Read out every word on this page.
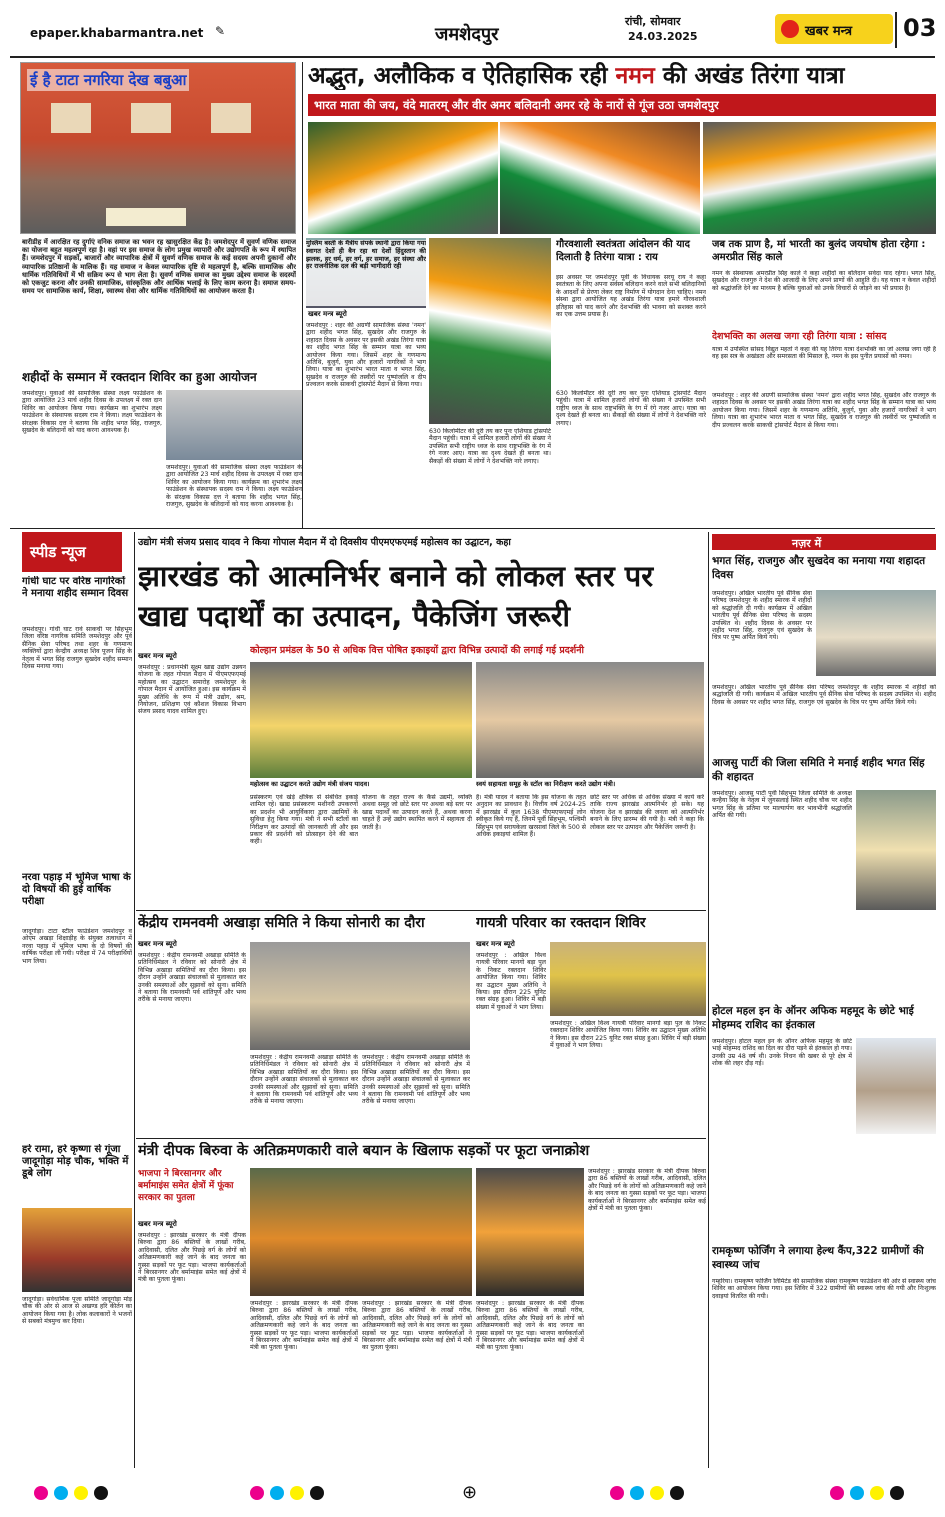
epaper.khabarmantra.net ✎	जमशेदपुर
रांची, सोमवार
24.03.2025	खबर मन्त्र 03
ई है टाटा नगरिया देख बबुआ
बारीडीह में आरक्षित रह दुर्गाएं वनिक समाज का भवन रह खासुरक्षित केंद्र है। जमशेदपुर में सुवर्ण वणिक समाज का योजना बहुत महत्वपूर्ण रहा है। वहां पर इस समाज के लोग प्रमुख व्यापारी और उद्योगपति के रूप में स्थापित हैं। जमशेदपुर में सड़कों, बाजारों और व्यापारिक क्षेत्रों में सुवर्ण वणिक समाज के कई सदस्य अपनी दुकानों और व्यापारिक प्रतिष्ठानों के मालिक हैं। यह समाज न केवल व्यापारिक दृष्टि से महत्वपूर्ण है, बल्कि सामाजिक और धार्मिक गतिविधियों में भी सक्रिय रूप से भाग लेता है। सुवर्ण वणिक समाज का मुख्य उद्देश्य समाज के सदस्यों को एकजुट करना और उनकी सामाजिक, सांस्कृतिक और आर्थिक भलाई के लिए काम करना है। समाज समय-समय पर सामाजिक कार्य, शिक्षा, स्वास्थ्य सेवा और धार्मिक गतिविधियों का आयोजन करता है।
अद्भुत, अलौकिक व ऐतिहासिक रही नमन की अखंड तिरंगा यात्रा
भारत माता की जय, वंदे मातरम् और वीर अमर बलिदानी अमर रहे के नारों से गूंज उठा जमशेदपुर
मुस्लिम बस्ती के मैत्रीय संपर्क स्थानी द्वारा किया गया स्वागत देशों ही बैन रहा था देशों हिंदुस्तान की झलक, हर धर्म, हर वर्ग, हर समाज, हर संस्था और हर राजनीतिक दल की बड़ी भागीदारी रही
खबर मन्त्र ब्यूरो
जमशेदपुर : शहर की अग्रणी सामाजिक संस्था 'नमन' द्वारा शहीद भगत सिंह, सुखदेव और राजगुरु के शहादत दिवस के अवसर पर इसकी अखंड तिरंगा यात्रा का शहीद भगत सिंह के सम्मान यात्रा का भव्य आयोजन किया गया। जिसमें शहर के गणमान्य अतिथि, बुजुर्ग, युवा और हजारों नागरिकों ने भाग लिया। यात्रा का शुभारंभ भारत माता व भगत सिंह, सुखदेव व राजगुरु की तस्वीरों पर पुष्पांजलि व दीप प्रज्वलन करके साकची ट्रांसपोर्ट मैदान से किया गया।
630 किलोमीटर की दूरी तय कर पुनः एशियाड ट्रांसपोर्ट मैदान पहुंची। यात्रा में शामिल हजारों लोगों की संख्या ने उपस्थित सभी राष्ट्रीय ध्वज के साथ राष्ट्रभक्ति के रंग में रंगे नजर आए। यात्रा का दृश्य देखते ही बनता था। सैकड़ों की संख्या में लोगों ने देशभक्ति नारे लगाए।
गौरवशाली स्वतंत्रता आंदोलन की याद दिलाती है तिरंगा यात्रा : राय
इस अवसर पर जमशेदपुर पूर्वी के विधायक सरयू राय ने कहा स्वतंत्रता के लिए अपना सर्वस्व बलिदान करने वाले सभी बलिदानियों के आदर्शों से प्रेरणा लेकर राष्ट्र निर्माण में योगदान देना चाहिए। नमन संस्था द्वारा आयोजित यह अखंड तिरंगा यात्रा हमारे गौरवशाली इतिहास को याद करने और देशभक्ति की भावना को सशक्त करने का एक उत्तम प्रयास है।
630 किलोमीटर की दूरी तय कर पुनः एशियाड ट्रांसपोर्ट मैदान पहुंची। यात्रा में शामिल हजारों लोगों की संख्या ने उपस्थित सभी राष्ट्रीय ध्वज के साथ राष्ट्रभक्ति के रंग में रंगे नजर आए। यात्रा का दृश्य देखते ही बनता था। सैकड़ों की संख्या में लोगों ने देशभक्ति नारे लगाए।
जब तक प्राण है, मां भारती का बुलंद जयघोष होता रहेगा : अमरप्रीत सिंह काले
नमन के संस्थापक अमरप्रीत सिंह काले ने कहा शहीदों का बलिदान सर्वदा याद रहेगा। भगत सिंह, सुखदेव और राजगुरु ने देश की आजादी के लिए अपने प्राणों की आहुति दी। यह यात्रा न केवल शहीदों को श्रद्धांजलि देने का माध्यम है बल्कि युवाओं को उनके विचारों से जोड़ने का भी प्रयास है।
देशभक्ति का अलख जगा रही तिरंगा यात्रा : सांसद
यात्रा में उपस्थित सांसद विद्युत महतो ने कहा की यह तिरंगा यात्रा देशभक्ति का जो अलख जगा रही है वह इस सत्र के अखंडता और समरसता की मिसाल है, नमन के इस पुनीत प्रयासों को नमन।
जमशेदपुर : शहर की अग्रणी सामाजिक संस्था 'नमन' द्वारा शहीद भगत सिंह, सुखदेव और राजगुरु के शहादत दिवस के अवसर पर इसकी अखंड तिरंगा यात्रा का शहीद भगत सिंह के सम्मान यात्रा का भव्य आयोजन किया गया। जिसमें शहर के गणमान्य अतिथि, बुजुर्ग, युवा और हजारों नागरिकों ने भाग लिया। यात्रा का शुभारंभ भारत माता व भगत सिंह, सुखदेव व राजगुरु की तस्वीरों पर पुष्पांजलि व दीप प्रज्वलन करके साकची ट्रांसपोर्ट मैदान से किया गया।
शहीदों के सम्मान में रक्तदान शिविर का हुआ आयोजन
जमशेदपुर। युवाओं की सामाजिक संस्था लक्ष्य फाउंडेशन के द्वारा आयोजित 23 मार्च शहीद दिवस के उपलक्ष्य में रक्त दान शिविर का आयोजन किया गया। कार्यक्रम का शुभारंभ लक्ष्य फाउंडेशन के संस्थापक सदस्य राम ने किया। लक्ष्य फाउंडेशन के संरक्षक विकास दत्त ने बताया कि शहीद भगत सिंह, राजगुरु, सुखदेव के बलिदानों को याद करना आवश्यक है।
जमशेदपुर। युवाओं की सामाजिक संस्था लक्ष्य फाउंडेशन के द्वारा आयोजित 23 मार्च शहीद दिवस के उपलक्ष्य में रक्त दान शिविर का आयोजन किया गया। कार्यक्रम का शुभारंभ लक्ष्य फाउंडेशन के संस्थापक सदस्य राम ने किया। लक्ष्य फाउंडेशन के संरक्षक विकास दत्त ने बताया कि शहीद भगत सिंह, राजगुरु, सुखदेव के बलिदानों को याद करना आवश्यक है।
स्पीड न्यूज
गांधी घाट पर वरिष्ठ नागरिकों ने मनाया शहीद सम्मान दिवस
जमशेदपुर। गांधी घाट रावे साकची पर सिंहभूम जिला वरिष्ठ नागरिक समिति जमशेदपुर और पूर्व सैनिक सेवा परिषद तथा शहर के गणमान्य व्यक्तियों द्वारा केन्द्रीय अध्यक्ष शिव पूजन सिंह के नेतृत्व में भगत सिंह राजगुरु सुखदेव शहीद सम्मान दिवस मनाया गया।
नरवा पहाड़ में भूमिज भाषा के दो विषयों की हुई वार्षिक परीक्षा
जादूगोड़ा। टाटा स्टील फाउंडेशन जमशेदपुर व ओएम अखड़ा शिक्षाड़ीह के संयुक्त तत्वाधान में नरवा पहाड़ में भूमिज भाषा के दो विषयों की वार्षिक परीक्षा ली गयी। परीक्षा में 74 परीक्षार्थियों भाग लिया।
हरे रामा, हरे कृष्णा से गूंजा जादूगोड़ा मोड़ चौक, भक्ति में डूबे लोग
जादूगोड़ा। सर्वधार्मिक पूजा समिति जादूगोड़ा मोड़ चौक की ओर से आज से अखण्ड हरि कीर्तन का आयोजन किया गया है। लोक कलाकारों ने भजनों से सबको मंत्रमुग्ध कर दिया।
उद्योग मंत्री संजय प्रसाद यादव ने किया गोपाल मैदान में दो दिवसीय पीएमएफएमई महोत्सव का उद्घाटन, कहा
झारखंड को आत्मनिर्भर बनाने को लोकल स्तर पर खाद्य पदार्थों का उत्पादन, पैकेजिंग जरूरी
कोल्हान प्रमंडल के 50 से अधिक वित्त पोषित इकाइयों द्वारा विभिन्न उत्पादों की लगाई गई प्रदर्शनी
खबर मन्त्र ब्यूरो
जमशेदपुर : प्रधानमंत्री सूक्ष्म खाद्य उद्योग उन्नयन योजना के तहत गोपाल मैदान में पीएमएफएमई महोत्सव का उद्घाटन समारोह जमशेदपुर के गोपाल मैदान में आयोजित हुआ। इस कार्यक्रम में मुख्य अतिथि के रूप में मंत्री उद्योग, श्रम, नियोजन, प्रशिक्षण एवं कौशल विकास विभाग संजय प्रसाद यादव शामिल हुए।
महोत्सव का उद्घाटन करते उद्योग मंत्री संजय यादव।	स्वयं सहायता समूह के स्टॉल का निरीक्षण करते उद्योग मंत्री।
प्रसंस्करण एवं खेड़े क्षेत्रिक से संबंधित इकाई शामिल रहे। खाद्य प्रसंस्करण मशीनरी उपकरणों का प्रदर्शन भी आयुर्विकारा द्वारा उद्यमियों के सुविधा हेतु किया गया। मंत्री ने सभी स्टॉलों का निरीक्षण कर उत्पादों की जानकारी ली और इस प्रकार की प्रदर्शनी को प्रोत्साहन देने की बात कही।
योजना के तहत राज्य के कैसे उद्यमी, व्यक्ति अथवा समूह जो छोटे स्तर पर अथवा बड़े स्तर पर खाद्य पदार्थों का उत्पादन करते हैं, अथवा करना चाहते हैं उन्हें उद्योग स्थापित करने में सहायता दी जाती है।
है। मंत्री यादव ने बताया कि इस योजना के तहत अनुदान का प्रावधान है। वित्तीय वर्ष 2024-25 में झारखंड में कुल 1638 पीएमएफएमई लोन स्वीकृत किये गए हैं, जिनमें पूर्वी सिंहभूम, पश्चिमी सिंहभूम एवं सरायकेला खरसावां जिले के 500 से अधिक इकाइयां शामिल हैं।
छोटे स्तर पर अधिक से अधिक संख्या में कार्य करें ताकि राज्य झारखंड आत्मनिर्भर हो सके। यह योजना देश व झारखंड की जनता को आत्मनिर्भर बनाने के लिए प्रारम्भ की गयी है। मंत्री ने कहा कि लोकल स्तर पर उत्पादन और पैकेजिंग जरूरी है।
केंद्रीय रामनवमी अखाड़ा समिति ने किया सोनारी का दौरा
खबर मन्त्र ब्यूरो
जमशेदपुर : केंद्रीय रामनवमी अखाड़ा समिति के प्रतिनिधिमंडल ने रविवार को सोनारी क्षेत्र में विभिन्न अखाड़ा समितियों का दौरा किया। इस दौरान उन्होंने अखाड़ा संचालकों से मुलाकात कर उनकी समस्याओं और सुझावों को सुना। समिति ने बताया कि रामनवमी पर्व शांतिपूर्ण और भव्य तरीके से मनाया जाएगा।
जमशेदपुर : केंद्रीय रामनवमी अखाड़ा समिति के प्रतिनिधिमंडल ने रविवार को सोनारी क्षेत्र में विभिन्न अखाड़ा समितियों का दौरा किया। इस दौरान उन्होंने अखाड़ा संचालकों से मुलाकात कर उनकी समस्याओं और सुझावों को सुना। समिति ने बताया कि रामनवमी पर्व शांतिपूर्ण और भव्य तरीके से मनाया जाएगा।
जमशेदपुर : केंद्रीय रामनवमी अखाड़ा समिति के प्रतिनिधिमंडल ने रविवार को सोनारी क्षेत्र में विभिन्न अखाड़ा समितियों का दौरा किया। इस दौरान उन्होंने अखाड़ा संचालकों से मुलाकात कर उनकी समस्याओं और सुझावों को सुना। समिति ने बताया कि रामनवमी पर्व शांतिपूर्ण और भव्य तरीके से मनाया जाएगा।
गायत्री परिवार का रक्तदान शिविर
खबर मन्त्र ब्यूरो
जमशेदपुर : अखिल विश्व गायत्री परिवार मानगो बड़ा पुल के निकट रक्तदान शिविर आयोजित किया गया। शिविर का उद्घाटन मुख्य अतिथि ने किया। इस दौरान 225 यूनिट रक्त संग्रह हुआ। शिविर में बड़ी संख्या में युवाओं ने भाग लिया।
जमशेदपुर : अखिल विश्व गायत्री परिवार मानगो बड़ा पुल के निकट रक्तदान शिविर आयोजित किया गया। शिविर का उद्घाटन मुख्य अतिथि ने किया। इस दौरान 225 यूनिट रक्त संग्रह हुआ। शिविर में बड़ी संख्या में युवाओं ने भाग लिया।
मंत्री दीपक बिरुवा के अतिक्रमणकारी वाले बयान के खिलाफ सड़कों पर फूटा जनाक्रोश
भाजपा ने बिरसानगर और बर्मामाइंस समेत क्षेत्रों में फूंका सरकार का पुतला
खबर मन्त्र ब्यूरो
जमशेदपुर : झारखंड सरकार के मंत्री दीपक बिरुवा द्वारा 86 बस्तियों के लाखों गरीब, आदिवासी, दलित और पिछड़े वर्ग के लोगों को अतिक्रमणकारी कहे जाने के बाद जनता का गुस्सा सड़कों पर फूट पड़ा। भाजपा कार्यकर्ताओं ने बिरसानगर और बर्मामाइंस समेत कई क्षेत्रों में मंत्री का पुतला फूंका।
जमशेदपुर : झारखंड सरकार के मंत्री दीपक बिरुवा द्वारा 86 बस्तियों के लाखों गरीब, आदिवासी, दलित और पिछड़े वर्ग के लोगों को अतिक्रमणकारी कहे जाने के बाद जनता का गुस्सा सड़कों पर फूट पड़ा। भाजपा कार्यकर्ताओं ने बिरसानगर और बर्मामाइंस समेत कई क्षेत्रों में मंत्री का पुतला फूंका।
जमशेदपुर : झारखंड सरकार के मंत्री दीपक बिरुवा द्वारा 86 बस्तियों के लाखों गरीब, आदिवासी, दलित और पिछड़े वर्ग के लोगों को अतिक्रमणकारी कहे जाने के बाद जनता का गुस्सा सड़कों पर फूट पड़ा। भाजपा कार्यकर्ताओं ने बिरसानगर और बर्मामाइंस समेत कई क्षेत्रों में मंत्री का पुतला फूंका।
जमशेदपुर : झारखंड सरकार के मंत्री दीपक बिरुवा द्वारा 86 बस्तियों के लाखों गरीब, आदिवासी, दलित और पिछड़े वर्ग के लोगों को अतिक्रमणकारी कहे जाने के बाद जनता का गुस्सा सड़कों पर फूट पड़ा। भाजपा कार्यकर्ताओं ने बिरसानगर और बर्मामाइंस समेत कई क्षेत्रों में मंत्री का पुतला फूंका।
जमशेदपुर : झारखंड सरकार के मंत्री दीपक बिरुवा द्वारा 86 बस्तियों के लाखों गरीब, आदिवासी, दलित और पिछड़े वर्ग के लोगों को अतिक्रमणकारी कहे जाने के बाद जनता का गुस्सा सड़कों पर फूट पड़ा। भाजपा कार्यकर्ताओं ने बिरसानगर और बर्मामाइंस समेत कई क्षेत्रों में मंत्री का पुतला फूंका।
नज़र में
भगत सिंह, राजगुरु और सुखदेव का मनाया गया शहादत दिवस
जमशेदपुर। अखिल भारतीय पूर्व सैनिक सेवा परिषद जमशेदपुर के शहीद स्मारक में शहीदों को श्रद्धांजलि दी गयी। कार्यक्रम में अखिल भारतीय पूर्व सैनिक सेवा परिषद के सदस्य उपस्थित थे। शहीद दिवस के अवसर पर शहीद भगत सिंह, राजगुरु एवं सुखदेव के चित्र पर पुष्प अर्पित किये गये।
जमशेदपुर। अखिल भारतीय पूर्व सैनिक सेवा परिषद जमशेदपुर के शहीद स्मारक में शहीदों को श्रद्धांजलि दी गयी। कार्यक्रम में अखिल भारतीय पूर्व सैनिक सेवा परिषद के सदस्य उपस्थित थे। शहीद दिवस के अवसर पर शहीद भगत सिंह, राजगुरु एवं सुखदेव के चित्र पर पुष्प अर्पित किये गये।
आजसु पार्टी की जिला समिति ने मनाई शहीद भगत सिंह की शहादत
जमशेदपुर। आजसु पार्टी पूर्वी सिंहभूम जिला समिति के अध्यक्ष कन्हैया सिंह के नेतृत्व में जुगसलाई स्थित शहीद चौक पर शहीद भगत सिंह के प्रतिमा पर माल्यार्पण कर भावभीनी श्रद्धांजलि अर्पित की गयी।
होटल महल इन के ऑनर अफिक महमूद के छोटे भाई मोहम्मद राशिद का इंतकाल
जमशेदपुर। होटल महल इन के ऑनर अफिक महमूद के छोटे भाई मोहम्मद राशिद का दिल का दौरा पड़ने से इंतकाल हो गया। उनकी उम्र 48 वर्ष थी। उनके निधन की खबर से पूरे क्षेत्र में शोक की लहर दौड़ गई।
रामकृष्ण फोर्जिंग ने लगाया हेल्थ कैंप,322 ग्रामीणों की स्वास्थ्य जांच
गम्हरिया। रामकृष्ण फोर्जिंग लिमिटेड की सामाजिक संस्था रामकृष्ण फाउंडेशन की ओर से स्वास्थ्य जांच शिविर का आयोजन किया गया। इस शिविर में 322 ग्रामीणों की स्वास्थ्य जांच की गयी और निःशुल्क दवाइयां वितरित की गयी।
⊕
